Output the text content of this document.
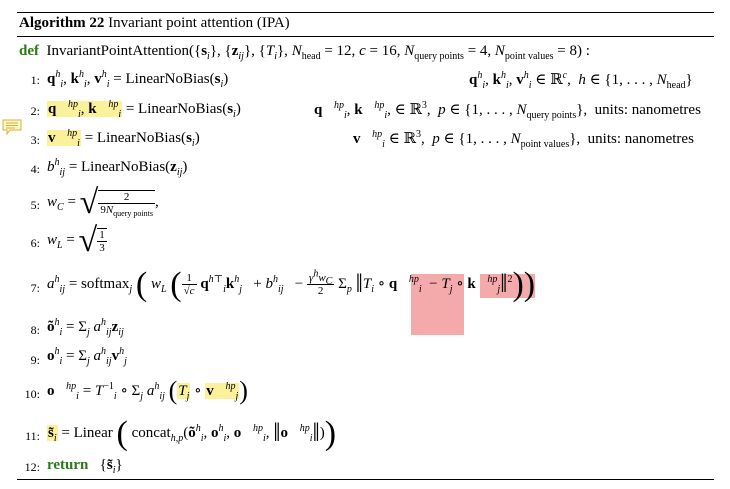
Algorithm 22 Invariant point attention (IPA)
def  $InvariantPointAttention(\{s_i\}$, $\{z_{ij}\}$, $\{T_i\}$, $N_{head} = 12$, c = 16, $N_{query points} = 4$, $N_{point values} = 8$) :
1: $q^h_i$, $k^h_i$, $v^h_i$ = $LinearNoBias(s_i)$	$q^h_i$, $k^h_i$, $v^h_i$ ∈ ℝ$^c$,  h ∈ {1, . . . , $N_{head}$}
2: q⃗$^{hp}_i$, k⃗$^{hp}_i$ = $LinearNoBias(s_i)$	q⃗$^{hp}_i$, k⃗$^{hp}_i$, ∈ ℝ$^3$,  p ∈ {1, . . . , $N_{query points}$},  units: nanometres
3: v⃗$^{hp}_i$ = $LinearNoBias(s_i)$	v⃗$^{hp}_i$ ∈ ℝ$^3$,  p ∈ {1, . . . , $N_{point values}$},  units: nanometres
4: $b^h_{ij}$ = $LinearNoBias(z_{ij})$
5: $w_C$ = √ $\frac{2}{9N_{query points}}$ ,
6: $w_L$ = √ $\frac{1}{3}$
7: $a^h_{ij}$ = softmax$_j$ ( $w_L$ ( $\frac{1}{√c} q^{h⊤}_ik^h_j + b^h_{ij} - \frac{\gamma^hw_C}{2} \Sigma_p$ $‖T_i$ ∘ q⃗$^{hp}_i$  − $T_j$ ∘ k⃗$^{hp}_j$‖$^2$))
8: $õ^h_i = \Sigma_j$ $a^h_{ij}z_{ij}$
9: $o^h_i = \Sigma_j$ $a^h_{ij}v^h_j$
10: o⃗$^{hp}_i$ = $T^{-1}_i$ ∘ $\Sigma_j$ $a^h_{ij}$ ($T_j$ ∘ v⃗$^{hp}_j$)
11: $s̃_i$ = Linear ( $concat_{h,p}(õ^h_i$, $o^h_i$, o⃗$^{hp}_i$, ‖o⃗$^{hp}_i$‖))
12: return   $\{s̃_i\}$
